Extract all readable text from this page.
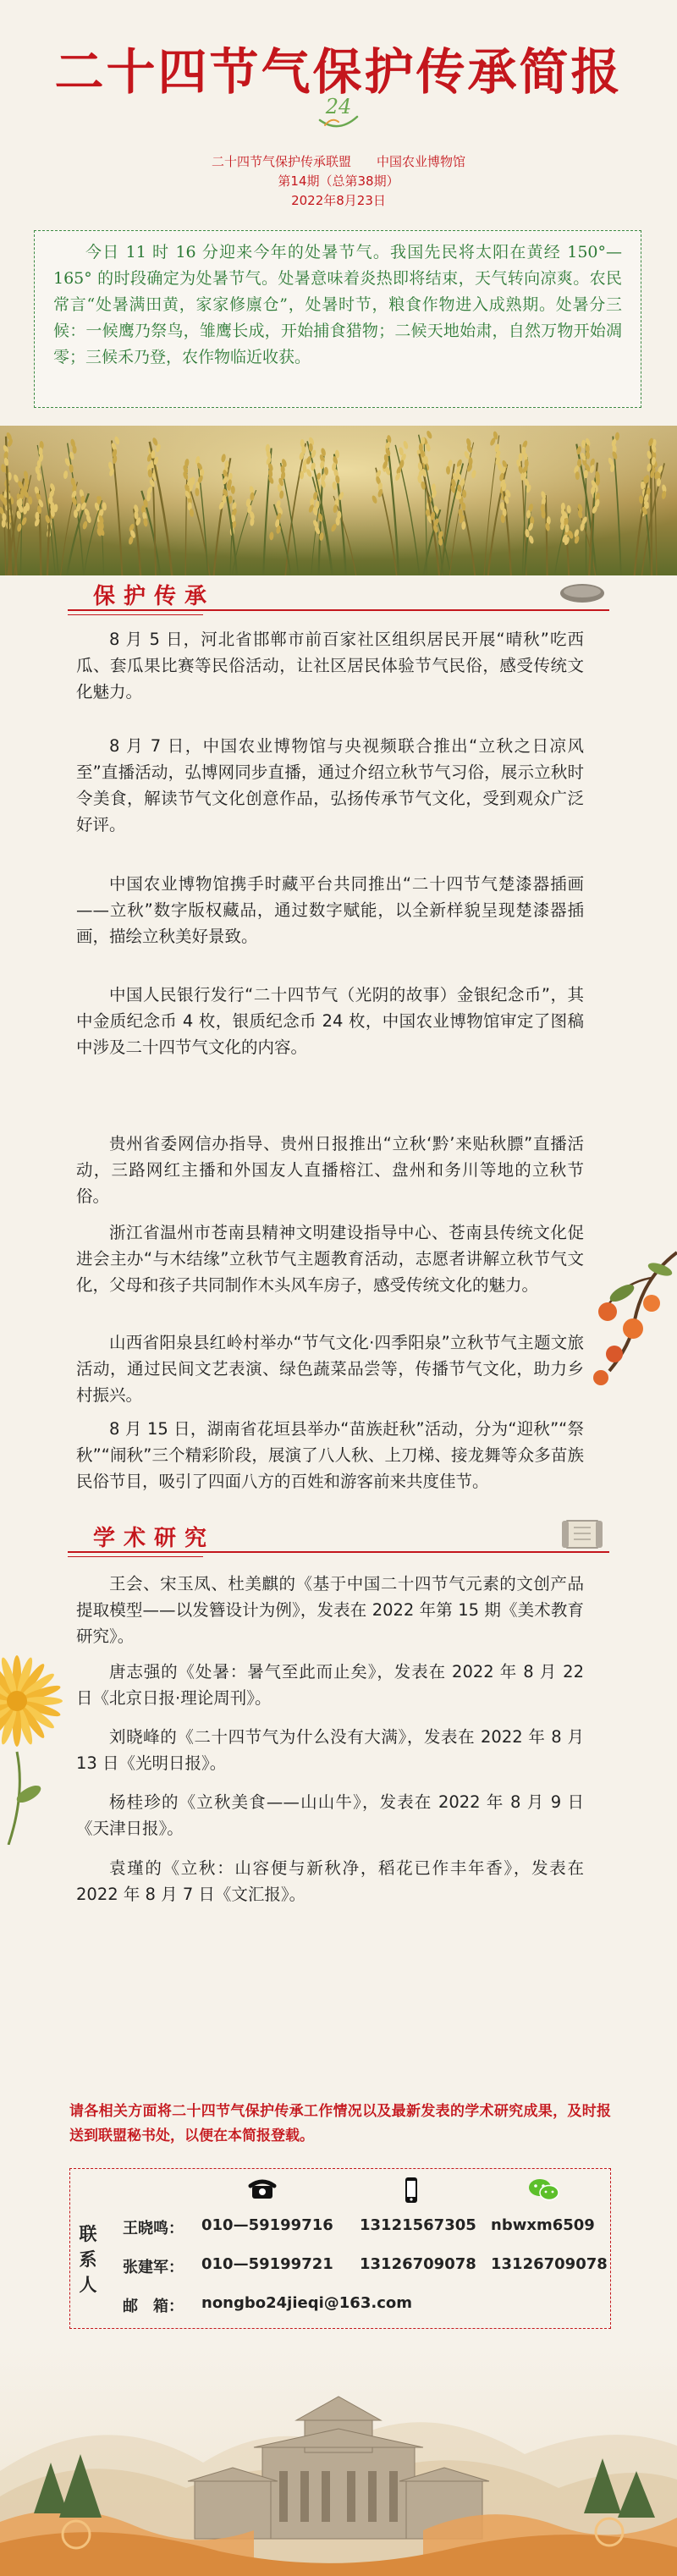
二十四节气保护传承简报
24
二十四节气保护传承联盟　　中国农业博物馆
第14期（总第38期）
2022年8月23日
今日 11 时 16 分迎来今年的处暑节气。我国先民将太阳在黄经 150°—165° 的时段确定为处暑节气。处暑意味着炎热即将结束，天气转向凉爽。农民常言“处暑满田黄，家家修廪仓”，处暑时节，粮食作物进入成熟期。处暑分三候：一候鹰乃祭鸟，雏鹰长成，开始捕食猎物；二候天地始肃，自然万物开始凋零；三候禾乃登，农作物临近收获。
保护传承
8 月 5 日，河北省邯郸市前百家社区组织居民开展“晴秋”吃西瓜、套瓜果比赛等民俗活动，让社区居民体验节气民俗，感受传统文化魅力。
8 月 7 日，中国农业博物馆与央视频联合推出“立秋之日凉风至”直播活动，弘博网同步直播，通过介绍立秋节气习俗，展示立秋时令美食，解读节气文化创意作品，弘扬传承节气文化，受到观众广泛好评。
中国农业博物馆携手时藏平台共同推出“二十四节气楚漆器插画——立秋”数字版权藏品，通过数字赋能，以全新样貌呈现楚漆器插画，描绘立秋美好景致。
中国人民银行发行“二十四节气（光阴的故事）金银纪念币”，其中金质纪念币 4 枚，银质纪念币 24 枚，中国农业博物馆审定了图稿中涉及二十四节气文化的内容。
贵州省委网信办指导、贵州日报推出“立秋‘黔’来贴秋膘”直播活动，三路网红主播和外国友人直播榕江、盘州和务川等地的立秋节俗。
浙江省温州市苍南县精神文明建设指导中心、苍南县传统文化促进会主办“与木结缘”立秋节气主题教育活动，志愿者讲解立秋节气文化，父母和孩子共同制作木头风车房子，感受传统文化的魅力。
山西省阳泉县红岭村举办“节气文化·四季阳泉”立秋节气主题文旅活动，通过民间文艺表演、绿色蔬菜品尝等，传播节气文化，助力乡村振兴。
8 月 15 日，湖南省花垣县举办“苗族赶秋”活动，分为“迎秋”“祭秋”“闹秋”三个精彩阶段，展演了八人秋、上刀梯、接龙舞等众多苗族民俗节目，吸引了四面八方的百姓和游客前来共度佳节。
学术研究
王会、宋玉凤、杜美麒的《基于中国二十四节气元素的文创产品提取模型——以发簪设计为例》，发表在 2022 年第 15 期《美术教育研究》。
唐志强的《处暑：暑气至此而止矣》，发表在 2022 年 8 月 22 日《北京日报·理论周刊》。
刘晓峰的《二十四节气为什么没有大满》，发表在 2022 年 8 月 13 日《光明日报》。
杨桂珍的《立秋美食——山山牛》，发表在 2022 年 8 月 9 日《天津日报》。
袁瑾的《立秋：山容便与新秋净，稻花已作丰年香》，发表在 2022 年 8 月 7 日《文汇报》。
请各相关方面将二十四节气保护传承工作情况以及最新发表的学术研究成果，及时报送到联盟秘书处，以便在本简报登载。
联系人
王晓鸣： 010—59199716 13121567305 nbwxm6509
张建军： 010—59199721 13126709078 13126709078
邮　箱： nongbo24jieqi@163.com
